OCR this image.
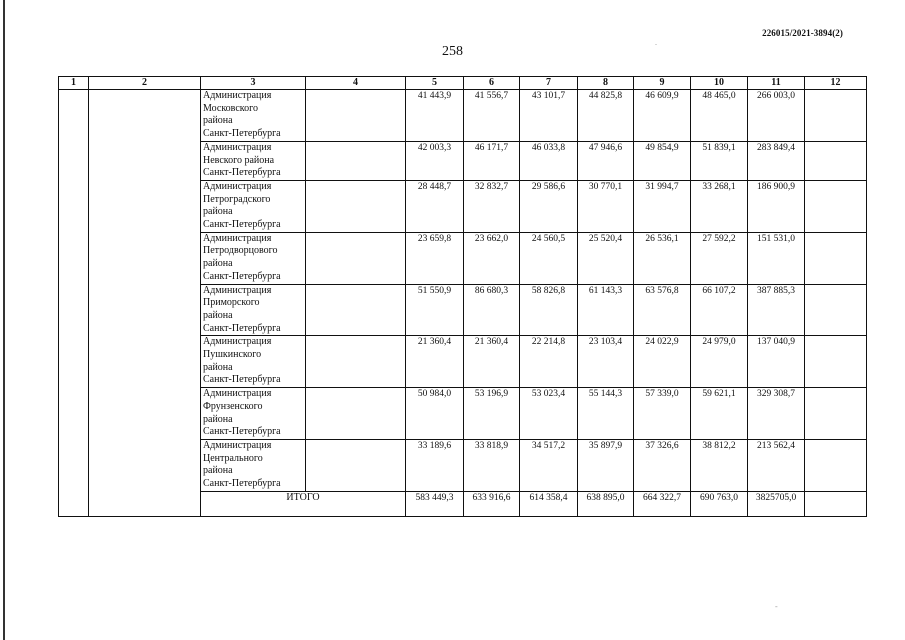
.
-
226015/2021-3894(2)
258
1	2	3	4	5	6	7	8	9	10	11	12

		Администрация
Московского
района
Санкт-Петербурга		41 443,9	41 556,7	43 101,7	44 825,8	46 609,9	48 465,0	266 003,0	

		Администрация
Невского района
Санкт-Петербурга		42 003,3	46 171,7	46 033,8	47 946,6	49 854,9	51 839,1	283 849,4	

		Администрация
Петроградского
района
Санкт-Петербурга		28 448,7	32 832,7	29 586,6	30 770,1	31 994,7	33 268,1	186 900,9	

		Администрация
Петродворцового
района
Санкт-Петербурга		23 659,8	23 662,0	24 560,5	25 520,4	26 536,1	27 592,2	151 531,0	

		Администрация
Приморского
района
Санкт-Петербурга		51 550,9	86 680,3	58 826,8	61 143,3	63 576,8	66 107,2	387 885,3	

		Администрация
Пушкинского
района
Санкт-Петербурга		21 360,4	21 360,4	22 214,8	23 103,4	24 022,9	24 979,0	137 040,9	

		Администрация
Фрунзенского
района
Санкт-Петербурга		50 984,0	53 196,9	53 023,4	55 144,3	57 339,0	59 621,1	329 308,7	

		Администрация
Центрального
района
Санкт-Петербурга		33 189,6	33 818,9	34 517,2	35 897,9	37 326,6	38 812,2	213 562,4	
		ИТОГО		583 449,3	633 916,6	614 358,4	638 895,0	664 322,7	690 763,0	3825705,0	
